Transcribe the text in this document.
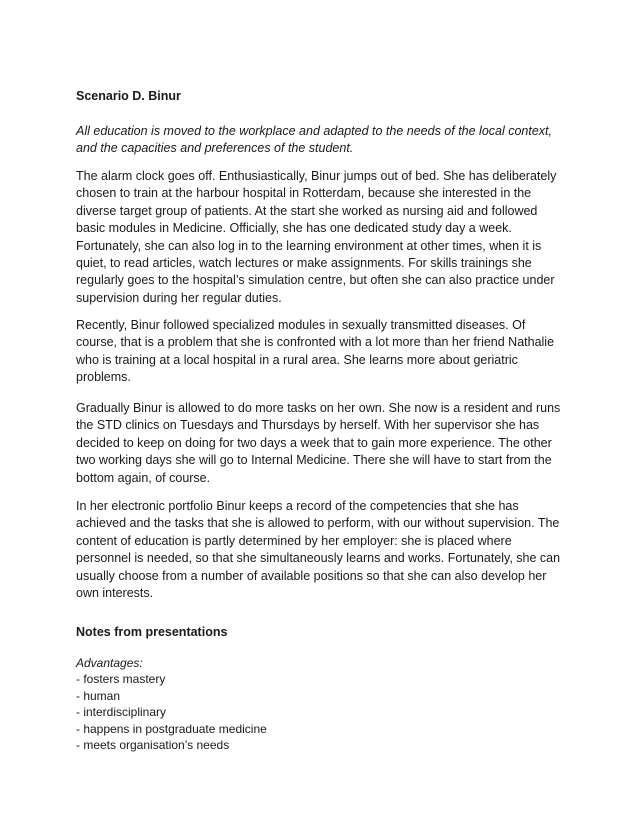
Scenario D. Binur
All education is moved to the workplace and adapted to the needs of the local context, and the capacities and preferences of the student.
The alarm clock goes off. Enthusiastically, Binur jumps out of bed. She has deliberately chosen to train at the harbour hospital in Rotterdam, because she interested in the diverse target group of patients. At the start she worked as nursing aid and followed basic modules in Medicine. Officially, she has one dedicated study day a week. Fortunately, she can also log in to the learning environment at other times, when it is quiet, to read articles, watch lectures or make assignments. For skills trainings she regularly goes to the hospital’s simulation centre, but often she can also practice under supervision during her regular duties.
Recently, Binur followed specialized modules in sexually transmitted diseases. Of course, that is a problem that she is confronted with a lot more than her friend Nathalie who is training at a local hospital in a rural area. She learns more about geriatric problems.
Gradually Binur is allowed to do more tasks on her own. She now is a resident and runs the STD clinics on Tuesdays and Thursdays by herself. With her supervisor she has decided to keep on doing for two days a week that to gain more experience. The other two working days she will go to Internal Medicine. There she will have to start from the bottom again, of course.
In her electronic portfolio Binur keeps a record of the competencies that she has achieved and the tasks that she is allowed to perform, with our without supervision. The content of education is partly determined by her employer: she is placed where personnel is needed, so that she simultaneously learns and works. Fortunately, she can usually choose from a number of available positions so that she can also develop her own interests.
Notes from presentations
Advantages:
- fosters mastery
- human
- interdisciplinary
- happens in postgraduate medicine
- meets organisation’s needs
